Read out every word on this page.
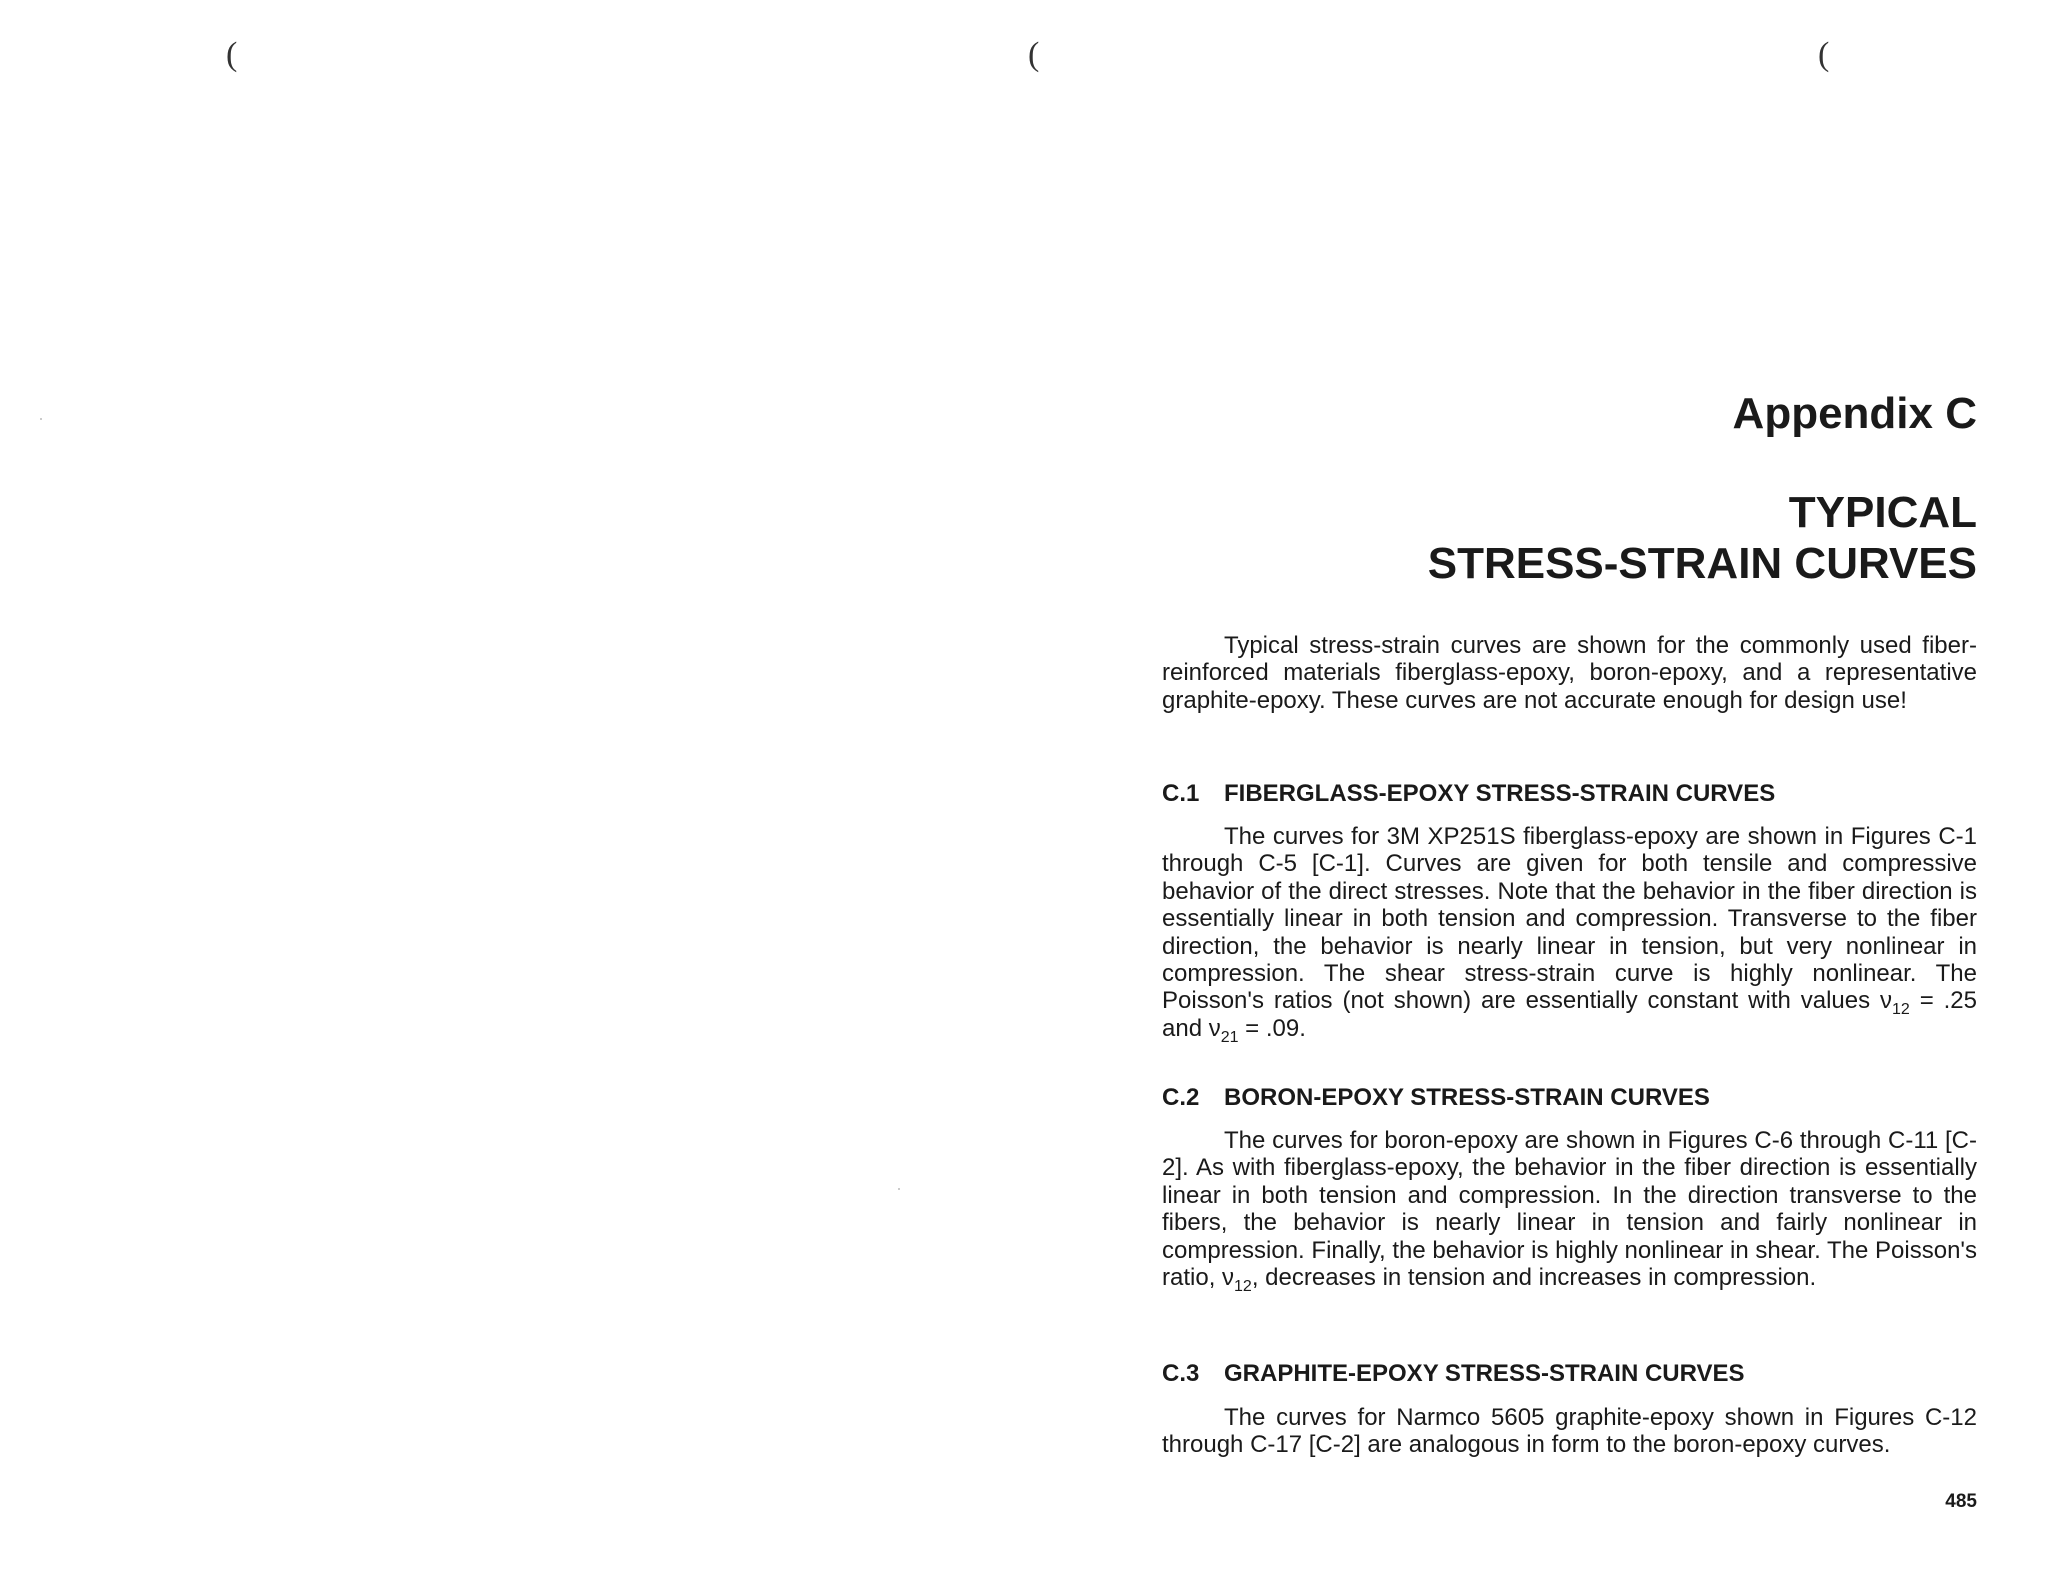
(	(	(
Appendix C
TYPICAL
STRESS-STRAIN CURVES

Typical stress-strain curves are shown for the commonly used fiber-reinforced materials fiberglass-epoxy, boron-epoxy, and a representative graphite-epoxy. These curves are not accurate enough for design use!

C.1 FIBERGLASS-EPOXY STRESS-STRAIN CURVES

The curves for 3M XP251S fiberglass-epoxy are shown in Figures C-1 through C-5 [C-1]. Curves are given for both tensile and compressive behavior of the direct stresses. Note that the behavior in the fiber direction is essentially linear in both tension and compression. Transverse to the fiber direction, the behavior is nearly linear in tension, but very nonlinear in compression. The shear stress-strain curve is highly nonlinear. The Poisson's ratios (not shown) are essentially constant with values $\nu_{12} = .25$ and $\nu_{21} = .09$.

C.2 BORON-EPOXY STRESS-STRAIN CURVES

The curves for boron-epoxy are shown in Figures C-6 through C-11 [C-2]. As with fiberglass-epoxy, the behavior in the fiber direction is essentially linear in both tension and compression. In the direction transverse to the fibers, the behavior is nearly linear in tension and fairly nonlinear in compression. Finally, the behavior is highly nonlinear in shear. The Poisson's ratio, $\nu_{12}$, decreases in tension and increases in compression.

C.3 GRAPHITE-EPOXY STRESS-STRAIN CURVES

The curves for Narmco 5605 graphite-epoxy shown in Figures C-12 through C-17 [C-2] are analogous in form to the boron-epoxy curves.

485
